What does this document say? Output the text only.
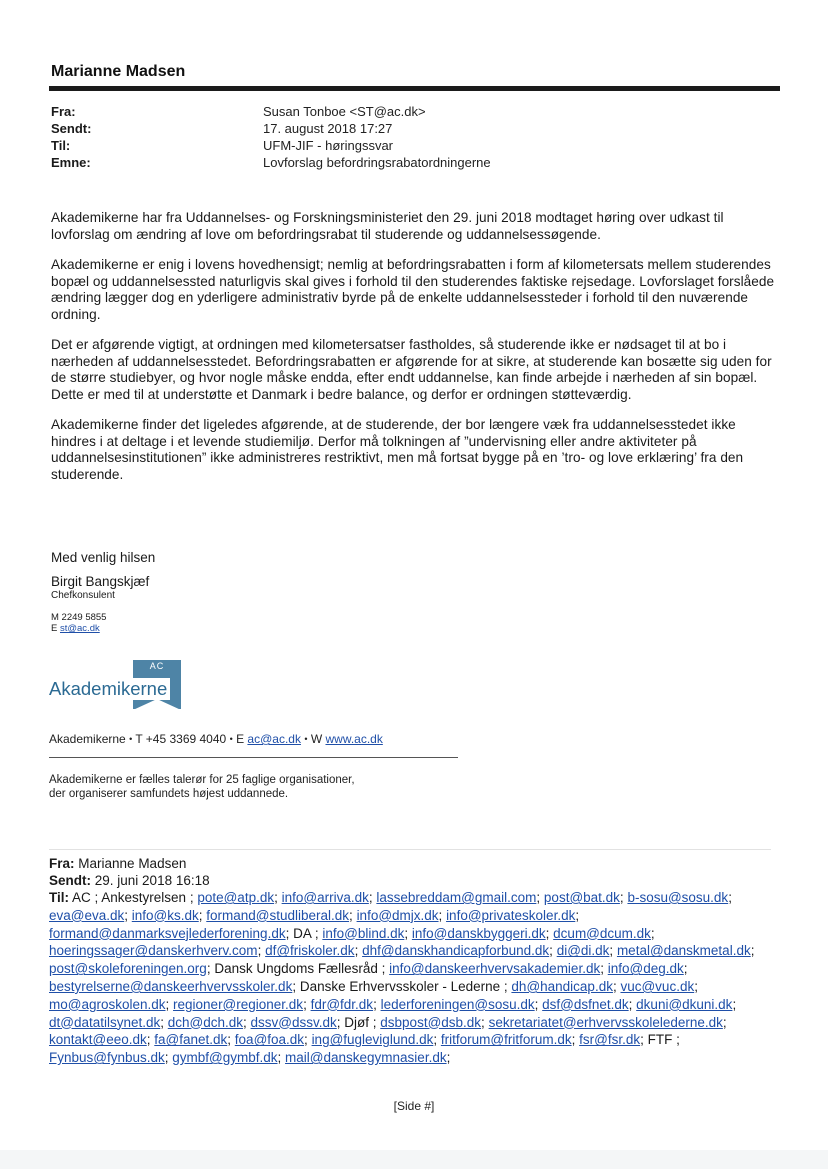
Marianne Madsen
Fra:	Susan Tonboe <ST@ac.dk>
Sendt:	17. august 2018 17:27
Til:	UFM-JIF - høringssvar
Emne:	Lovforslag befordringsrabatordningerne

Akademikerne har fra Uddannelses- og Forskningsministeriet den 29. juni 2018 modtaget høring over udkast til lovforslag om ændring af love om befordringsrabat til studerende og uddannelsessøgende.

Akademikerne er enig i lovens hovedhensigt; nemlig at befordringsrabatten i form af kilometersats mellem studerendes bopæl og uddannelsessted naturligvis skal gives i forhold til den studerendes faktiske rejsedage. Lovforslaget forslåede ændring lægger dog en yderligere administrativ byrde på de enkelte uddannelsessteder i forhold til den nuværende ordning.

Det er afgørende vigtigt, at ordningen med kilometersatser fastholdes, så studerende ikke er nødsaget til at bo i nærheden af uddannelsesstedet. Befordringsrabatten er afgørende for at sikre, at studerende kan bosætte sig uden for de større studiebyer, og hvor nogle måske endda, efter endt uddannelse, kan finde arbejde i nærheden af sin bopæl. Dette er med til at understøtte et Danmark i bedre balance, og derfor er ordningen støtteværdig.

Akademikerne finder det ligeledes afgørende, at de studerende, der bor længere væk fra uddannelsesstedet ikke hindres i at deltage i et levende studiemiljø. Derfor må tolkningen af ”undervisning eller andre aktiviteter på uddannelsesinstitutionen” ikke administreres restriktivt, men må fortsat bygge på en ’tro- og love erklæring’ fra den studerende.

Med venlig hilsen
Birgit Bangskjæf
Chefkonsulent
M 2249 5855
E st@ac.dk
AC
Akademikerne
Akademikerne • T +45 3369 4040 • E ac@ac.dk • W www.ac.dk
Akademikerne er fælles talerør for 25 faglige organisationer,
der organiserer samfundets højest uddannede.
Fra: Marianne Madsen
Sendt: 29. juni 2018 16:18
Til: AC ; Ankestyrelsen ; pote@atp.dk; info@arriva.dk; lassebreddam@gmail.com; post@bat.dk; b-sosu@sosu.dk; eva@eva.dk; info@ks.dk; formand@studliberal.dk; info@dmjx.dk; info@privateskoler.dk; formand@danmarksvejlederforening.dk; DA ; info@blind.dk; info@danskbyggeri.dk; dcum@dcum.dk; hoeringssager@danskerhverv.com; df@friskoler.dk; dhf@danskhandicapforbund.dk; di@di.dk; metal@danskmetal.dk; post@skoleforeningen.org; Dansk Ungdoms Fællesråd ; info@danskeerhvervsakademier.dk; info@deg.dk; bestyrelserne@danskeerhvervsskoler.dk; Danske Erhvervsskoler - Lederne ; dh@handicap.dk; vuc@vuc.dk; mo@agroskolen.dk; regioner@regioner.dk; fdr@fdr.dk; lederforeningen@sosu.dk; dsf@dsfnet.dk; dkuni@dkuni.dk; dt@datatilsynet.dk; dch@dch.dk; dssv@dssv.dk; Djøf ; dsbpost@dsb.dk; sekretariatet@erhvervsskolelederne.dk; kontakt@eeo.dk; fa@fanet.dk; foa@foa.dk; ing@fugleviglund.dk; fritforum@fritforum.dk; fsr@fsr.dk; FTF ; Fynbus@fynbus.dk; gymbf@gymbf.dk; mail@danskegymnasier.dk;
[Side #]
